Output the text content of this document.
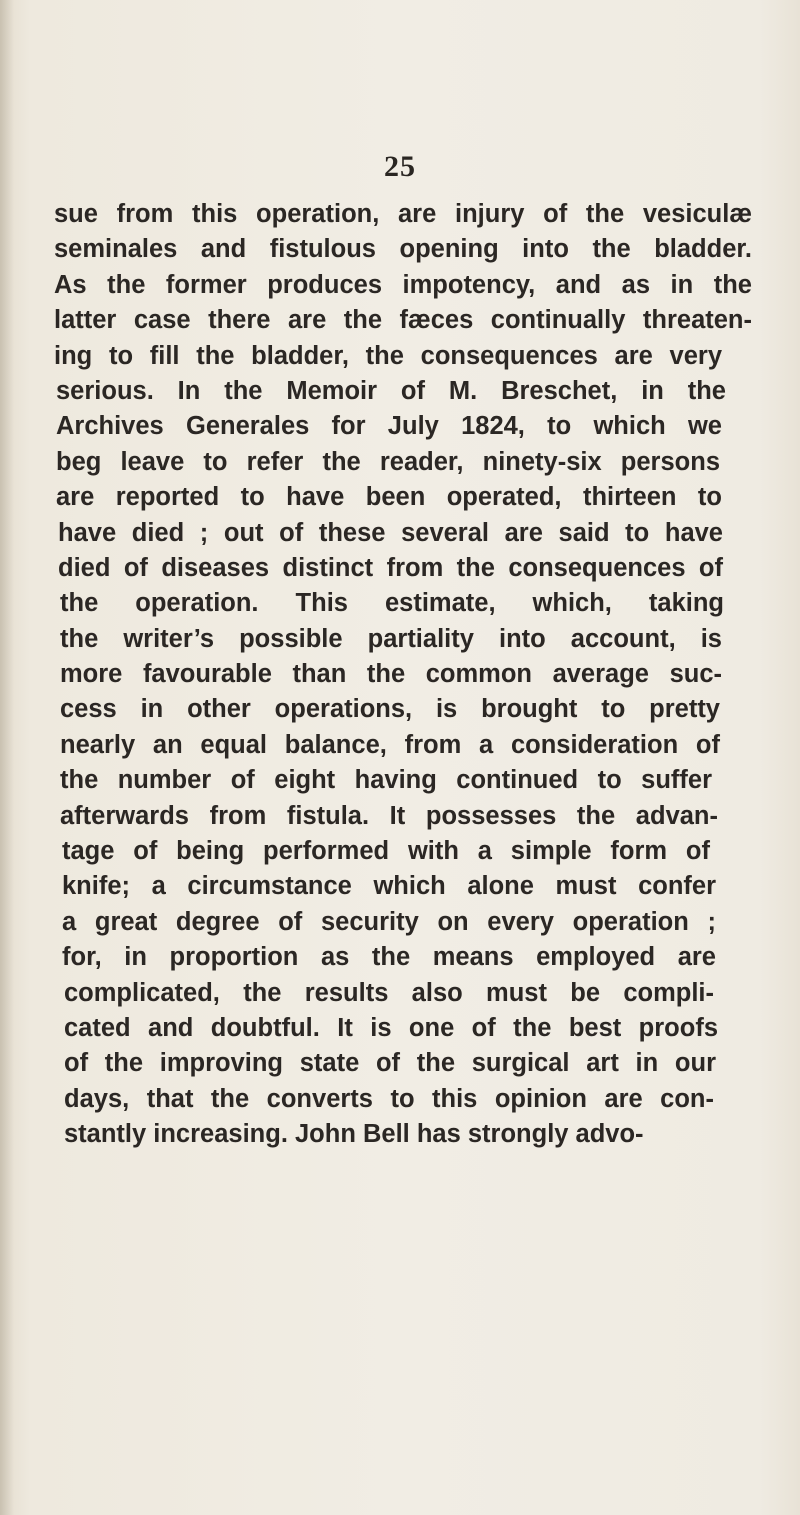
25
sue from this operation, are injury of the vesiculæ
seminales and fistulous opening into the bladder.
As the former produces impotency, and as in the
latter case there are the fæces continually threaten-
ing to fill the bladder, the consequences are very
serious. In the Memoir of M. Breschet, in the
Archives Generales for July 1824, to which we
beg leave to refer the reader, ninety-six persons
are reported to have been operated, thirteen to
have died ; out of these several are said to have
died of diseases distinct from the consequences of
the operation. This estimate, which, taking
the writer’s possible partiality into account, is
more favourable than the common average suc-
cess in other operations, is brought to pretty
nearly an equal balance, from a consideration of
the number of eight having continued to suffer
afterwards from fistula. It possesses the advan-
tage of being performed with a simple form of
knife; a circumstance which alone must confer
a great degree of security on every operation ;
for, in proportion as the means employed are
complicated, the results also must be compli-
cated and doubtful. It is one of the best proofs
of the improving state of the surgical art in our
days, that the converts to this opinion are con-
stantly increasing. John Bell has strongly advo-
